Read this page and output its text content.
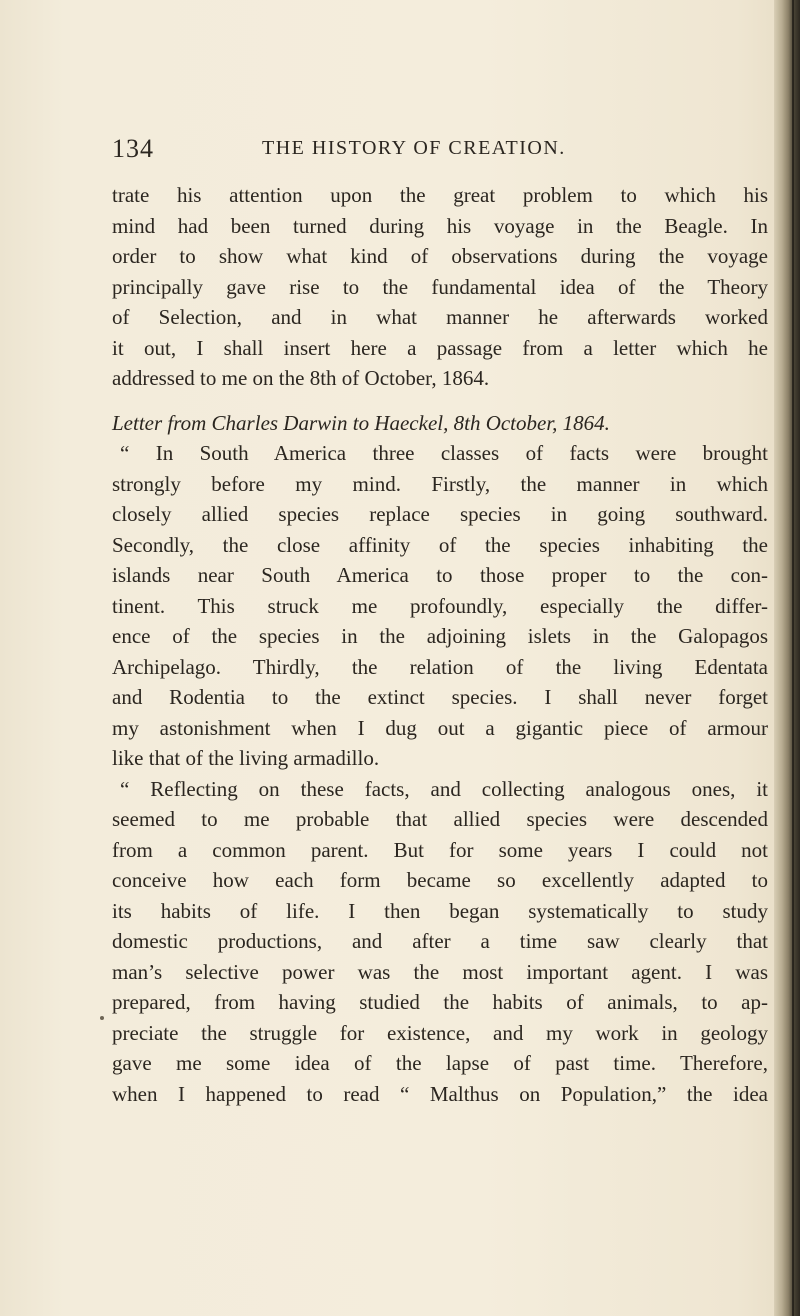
134	THE HISTORY OF CREATION.
trate his attention upon the great problem to which his
mind had been turned during his voyage in the Beagle. In
order to show what kind of observations during the voyage
principally gave rise to the fundamental idea of the Theory
of Selection, and in what manner he afterwards worked
it out, I shall insert here a passage from a letter which he
addressed to me on the 8th of October, 1864.
Letter from Charles Darwin to Haeckel, 8th October, 1864.
“ In South America three classes of facts were brought
strongly before my mind. Firstly, the manner in which
closely allied species replace species in going southward.
Secondly, the close affinity of the species inhabiting the
islands near South America to those proper to the con-
tinent. This struck me profoundly, especially the differ-
ence of the species in the adjoining islets in the Galopagos
Archipelago. Thirdly, the relation of the living Edentata
and Rodentia to the extinct species. I shall never forget
my astonishment when I dug out a gigantic piece of armour
like that of the living armadillo.
“ Reflecting on these facts, and collecting analogous ones, it
seemed to me probable that allied species were descended
from a common parent. But for some years I could not
conceive how each form became so excellently adapted to
its habits of life. I then began systematically to study
domestic productions, and after a time saw clearly that
man’s selective power was the most important agent. I was
prepared, from having studied the habits of animals, to ap-
preciate the struggle for existence, and my work in geology
gave me some idea of the lapse of past time. Therefore,
when I happened to read “ Malthus on Population,” the idea
